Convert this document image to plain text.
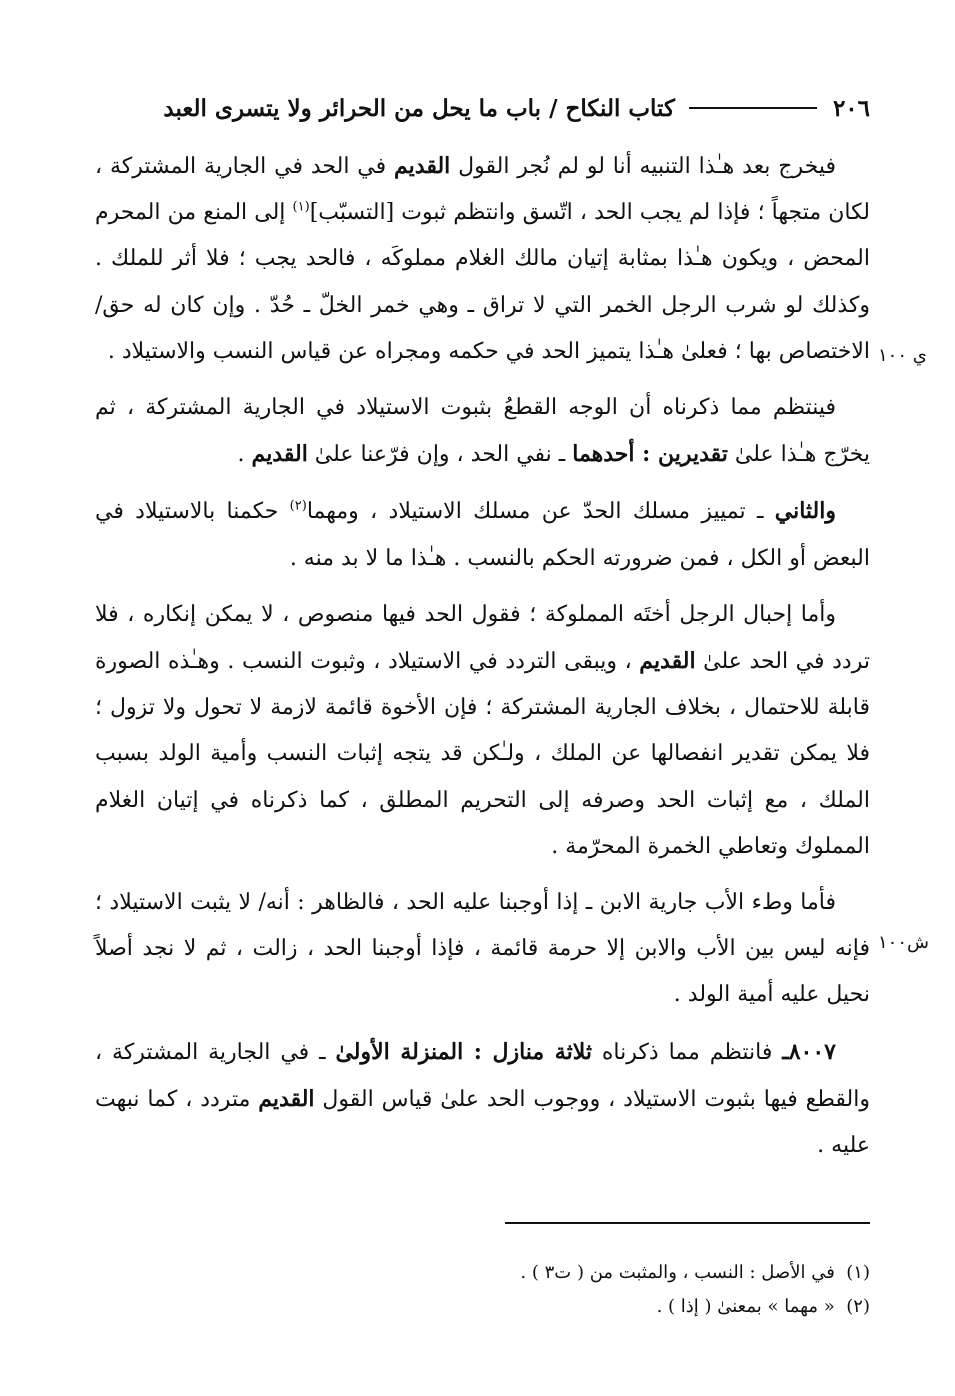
٢٠٦
كتاب النكاح / باب ما يحل من الحرائر ولا يتسرى العبد
ي ١٠٠
ش١٠٠

فيخرج بعد هـٰذا التنبيه أنا لو لم نُجر القول القديم في الحد في الجارية المشتركة ، لكان متجهاً ؛ فإذا لم يجب الحد ، اتّسق وانتظم ثبوت [التسبّب]$^{(١)}$ إلى المنع من المحرم المحض ، ويكون هـٰذا بمثابة إتيان مالك الغلام مملوكَه ، فالحد يجب ؛ فلا أثر للملك . وكذلك لو شرب الرجل الخمر التي لا تراق ـ وهي خمر الخلّ ـ حُدّ . وإن كان له حق/ الاختصاص بها ؛ فعلىٰ هـٰذا يتميز الحد في حكمه ومجراه عن قياس النسب والاستيلاد .

فينتظم مما ذكرناه أن الوجه القطعُ بثبوت الاستيلاد في الجارية المشتركة ، ثم يخرّج هـٰذا علىٰ تقديرين : أحدهما ـ نفي الحد ، وإن فرّعنا علىٰ القديم .

والثاني ـ تمييز مسلك الحدّ عن مسلك الاستيلاد ، ومهما$^{(٢)}$ حكمنا بالاستيلاد في البعض أو الكل ، فمن ضرورته الحكم بالنسب . هـٰذا ما لا بد منه .

وأما إحبال الرجل أختَه المملوكة ؛ فقول الحد فيها منصوص ، لا يمكن إنكاره ، فلا تردد في الحد علىٰ القديم ، ويبقى التردد في الاستيلاد ، وثبوت النسب . وهـٰذه الصورة قابلة للاحتمال ، بخلاف الجارية المشتركة ؛ فإن الأخوة قائمة لازمة لا تحول ولا تزول ؛ فلا يمكن تقدير انفصالها عن الملك ، ولـٰكن قد يتجه إثبات النسب وأمية الولد بسبب الملك ، مع إثبات الحد وصرفه إلى التحريم المطلق ، كما ذكرناه في إتيان الغلام المملوك وتعاطي الخمرة المحرّمة .

فأما وطء الأب جارية الابن ـ إذا أوجبنا عليه الحد ، فالظاهر : أنه/ لا يثبت الاستيلاد ؛ فإنه ليس بين الأب والابن إلا حرمة قائمة ، فإذا أوجبنا الحد ، زالت ، ثم لا نجد أصلاً نحيل عليه أمية الولد .

٨٠٠٧ـ فانتظم مما ذكرناه ثلاثة منازل : المنزلة الأولىٰ ـ في الجارية المشتركة ، والقطع فيها بثبوت الاستيلاد ، ووجوب الحد علىٰ قياس القول القديم متردد ، كما نبهت عليه .

(١)  في الأصل : النسب ، والمثبت من ( ت٣ ) .

(٢)  « مهما » بمعنىٰ ( إذا ) .
